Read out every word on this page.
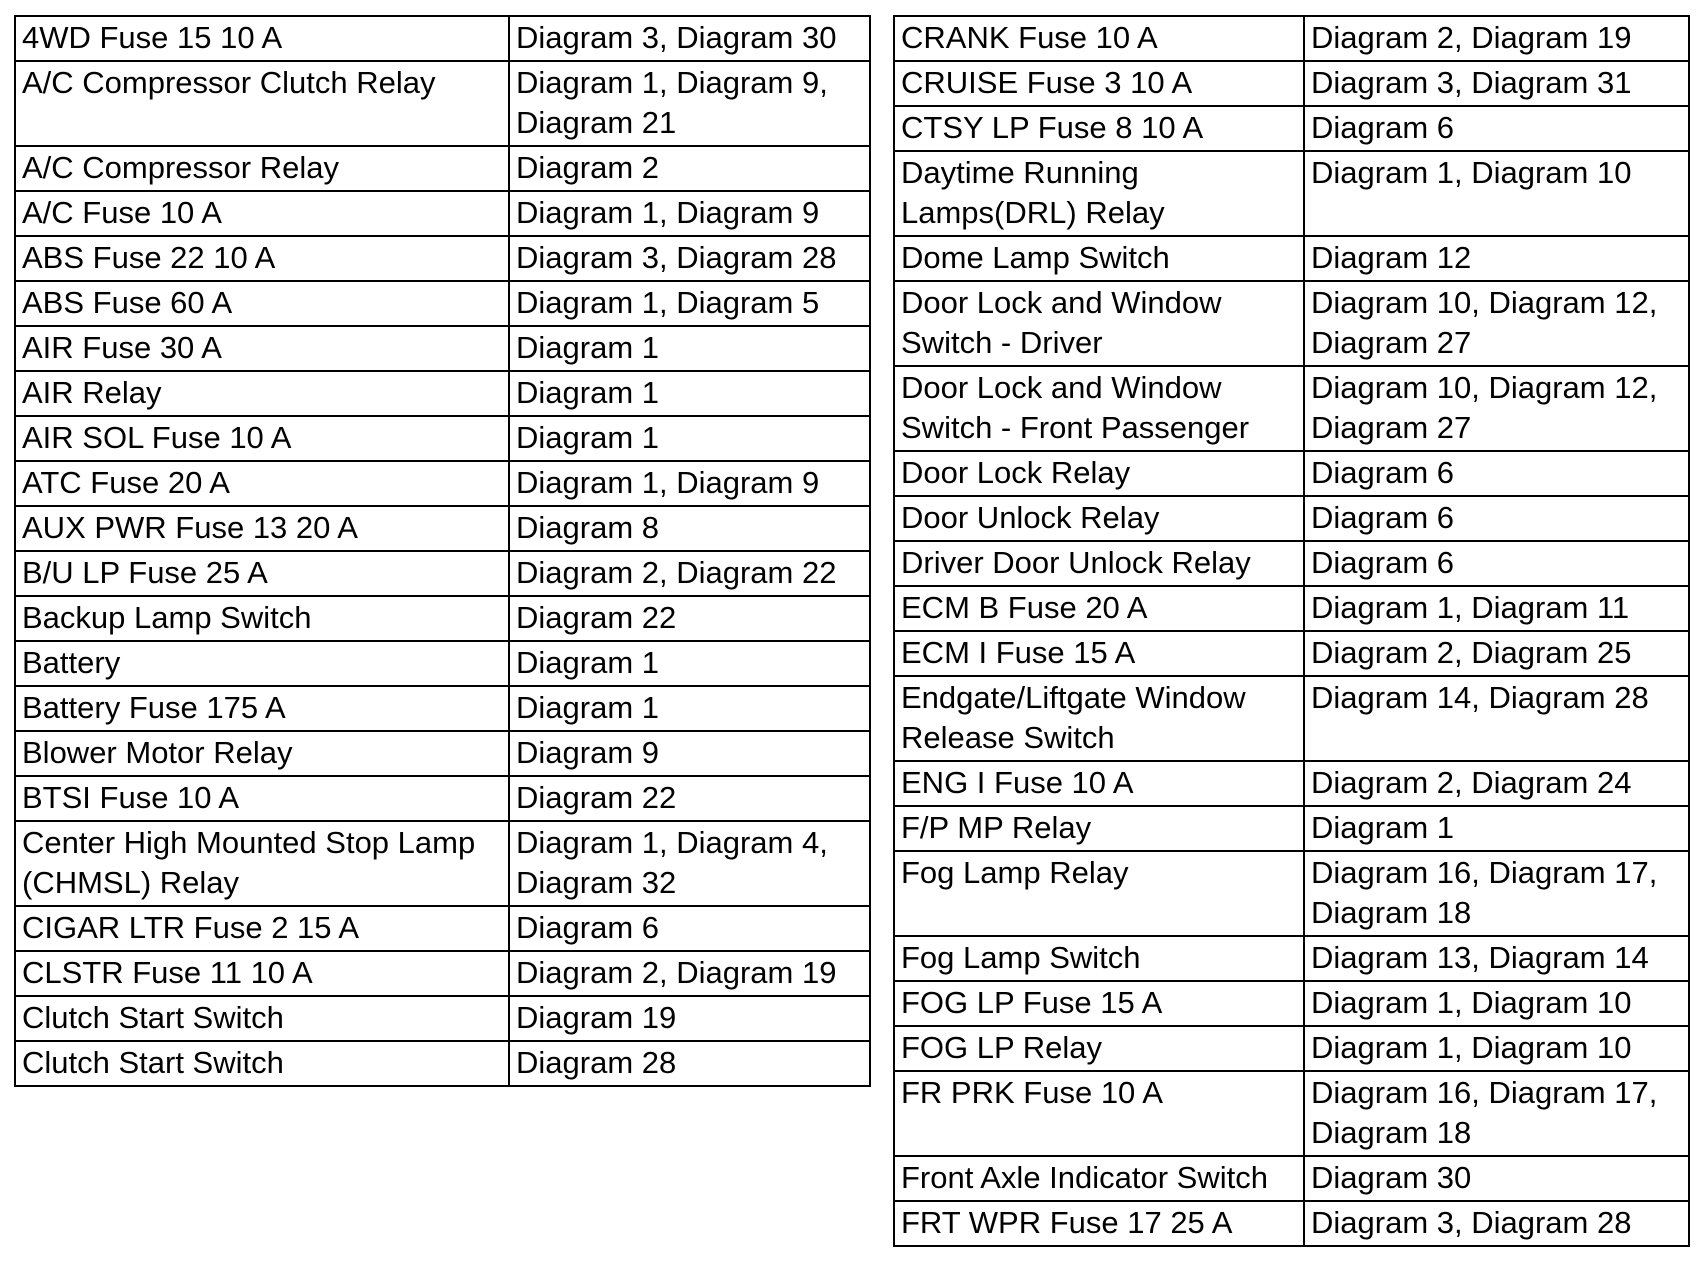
4WD Fuse 15 10 A	Diagram 3, Diagram 30
A/C Compressor Clutch Relay	Diagram 1, Diagram 9, Diagram 21
A/C Compressor Relay	Diagram 2
A/C Fuse 10 A	Diagram 1, Diagram 9
ABS Fuse 22 10 A	Diagram 3, Diagram 28
ABS Fuse 60 A	Diagram 1, Diagram 5
AIR Fuse 30 A	Diagram 1
AIR Relay	Diagram 1
AIR SOL Fuse 10 A	Diagram 1
ATC Fuse 20 A	Diagram 1, Diagram 9
AUX PWR Fuse 13 20 A	Diagram 8
B/U LP Fuse 25 A	Diagram 2, Diagram 22
Backup Lamp Switch	Diagram 22
Battery	Diagram 1
Battery Fuse 175 A	Diagram 1
Blower Motor Relay	Diagram 9
BTSI Fuse 10 A	Diagram 22
Center High Mounted Stop Lamp (CHMSL) Relay	Diagram 1, Diagram 4, Diagram 32
CIGAR LTR Fuse 2 15 A	Diagram 6
CLSTR Fuse 11 10 A	Diagram 2, Diagram 19
Clutch Start Switch	Diagram 19
Clutch Start Switch	Diagram 28
CRANK Fuse 10 A	Diagram 2, Diagram 19
CRUISE Fuse 3 10 A	Diagram 3, Diagram 31
CTSY LP Fuse 8 10 A	Diagram 6
Daytime Running Lamps(DRL) Relay	Diagram 1, Diagram 10
Dome Lamp Switch	Diagram 12
Door Lock and Window Switch - Driver	Diagram 10, Diagram 12, Diagram 27
Door Lock and Window Switch - Front Passenger	Diagram 10, Diagram 12, Diagram 27
Door Lock Relay	Diagram 6
Door Unlock Relay	Diagram 6
Driver Door Unlock Relay	Diagram 6
ECM B Fuse 20 A	Diagram 1, Diagram 11
ECM I Fuse 15 A	Diagram 2, Diagram 25
Endgate/Liftgate Window Release Switch	Diagram 14, Diagram 28
ENG I Fuse 10 A	Diagram 2, Diagram 24
F/P MP Relay	Diagram 1
Fog Lamp Relay	Diagram 16, Diagram 17, Diagram 18
Fog Lamp Switch	Diagram 13, Diagram 14
FOG LP Fuse 15 A	Diagram 1, Diagram 10
FOG LP Relay	Diagram 1, Diagram 10
FR PRK Fuse 10 A	Diagram 16, Diagram 17, Diagram 18
Front Axle Indicator Switch	Diagram 30
FRT WPR Fuse 17 25 A	Diagram 3, Diagram 28
